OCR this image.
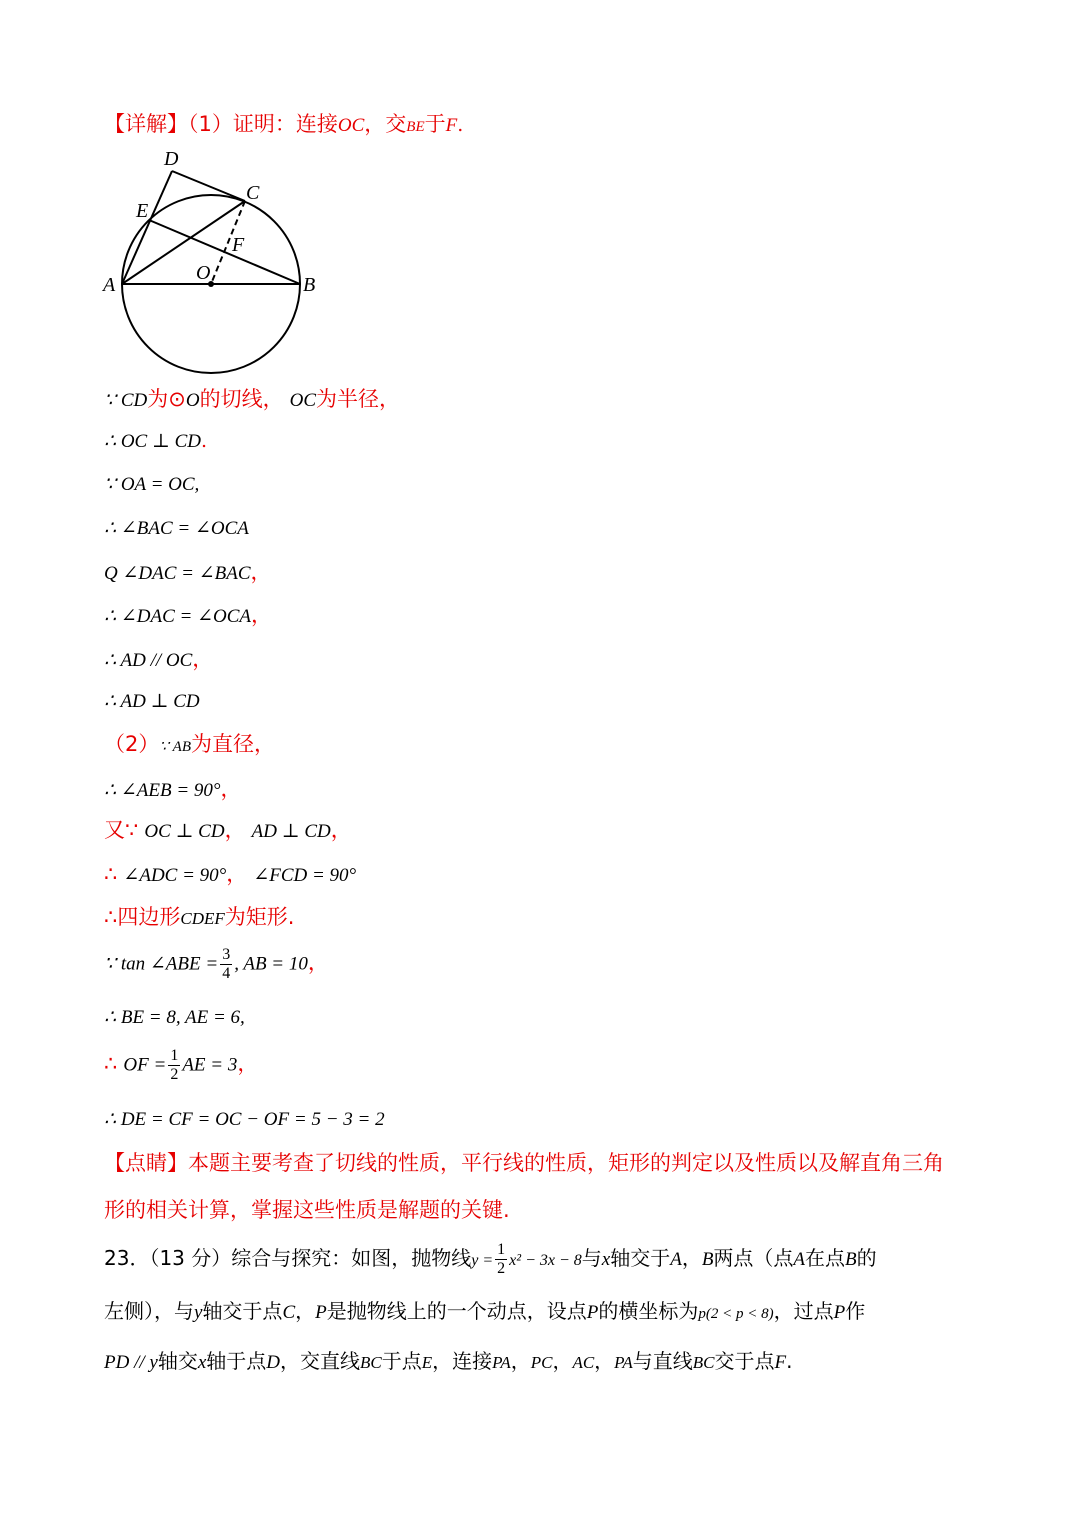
【详解】（1）证明：连接OC，交BE于F.
D
C
E
F
O
A	B
∵ CD为⊙O的切线， OC为半径，
∴ OC ⊥ CD.
∵ OA = OC,
∴ ∠BAC = ∠OCA
Q ∠DAC = ∠BAC，
∴ ∠DAC = ∠OCA，
∴ AD // OC，
∴ AD ⊥ CD
（2）∵ AB为直径，
∴ ∠AEB = 90°，
又∵ OC ⊥ CD， AD ⊥ CD，
∴ ∠ADC = 90°， ∠FCD = 90°
∴四边形CDEF为矩形.
∵ tan ∠ABE = $\frac{3}{4}$ , AB = 10，
∴ BE = 8, AE = 6,
∴ OF = $\frac{1}{2}$ AE = 3，
∴ DE = CF = OC − OF = 5 − 3 = 2
【点睛】本题主要考查了切线的性质，平行线的性质，矩形的判定以及性质以及解直角三角
形的相关计算，掌握这些性质是解题的关键.
23．（13 分）综合与探究：如图，抛物线$y = \frac{1}{2} x^2 - 3x - 8$与x轴交于A，B两点（点A在点B的
左侧），与y轴交于点C，P是抛物线上的一个动点，设点P的横坐标为p(2 < p < 8)，过点P作
PD // y轴交x轴于点D，交直线BC于点E，连接PA，PC，AC，PA与直线BC交于点F.
